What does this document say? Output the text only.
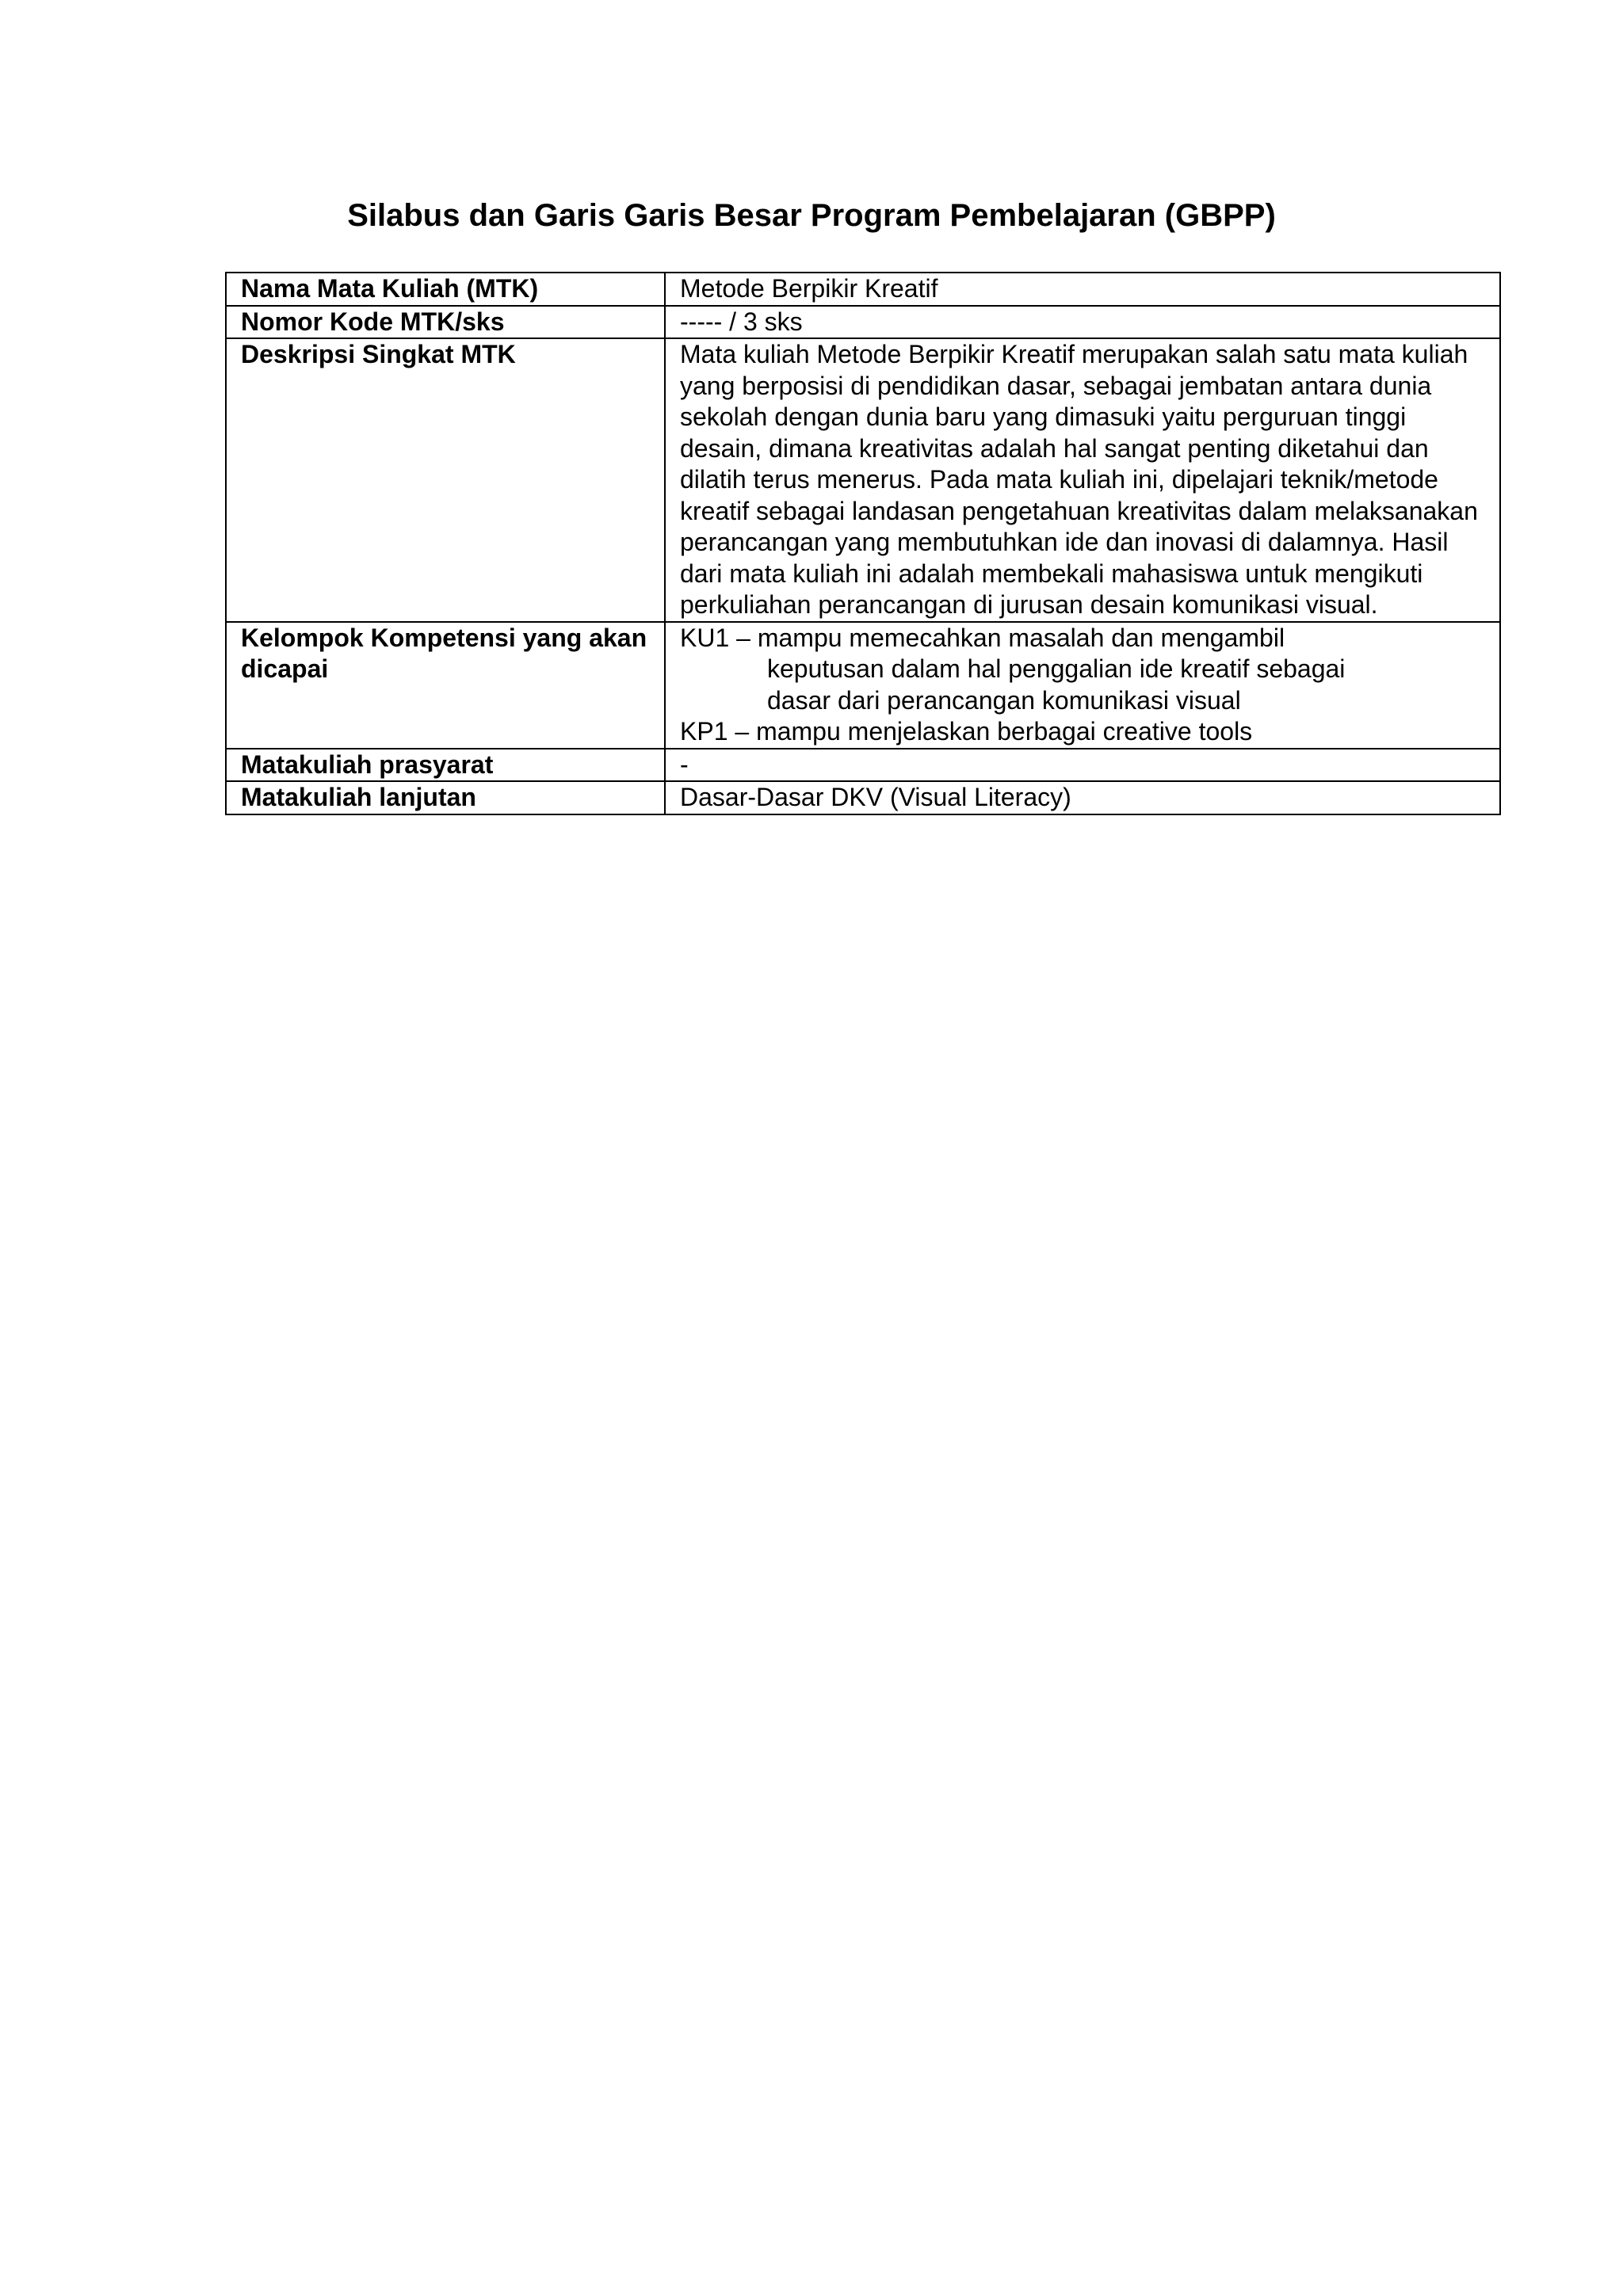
Silabus dan Garis Garis Besar Program Pembelajaran (GBPP)
Nama Mata Kuliah (MTK)	Metode Berpikir Kreatif
Nomor Kode MTK/sks	----- / 3 sks
Deskripsi Singkat MTK	Mata kuliah Metode Berpikir Kreatif merupakan salah satu mata kuliah yang berposisi di pendidikan dasar, sebagai jembatan antara dunia sekolah dengan dunia baru yang dimasuki yaitu perguruan tinggi desain, dimana kreativitas adalah hal sangat penting diketahui dan dilatih terus menerus. Pada mata kuliah ini, dipelajari teknik/metode kreatif sebagai landasan pengetahuan kreativitas dalam melaksanakan perancangan yang membutuhkan ide dan inovasi di dalamnya. Hasil dari mata kuliah ini adalah membekali mahasiswa untuk mengikuti perkuliahan perancangan di jurusan desain komunikasi visual.
Kelompok Kompetensi yang akan dicapai	KU1 – mampu memecahkan masalah dan mengambil
keputusan dalam hal penggalian ide kreatif sebagai
dasar dari perancangan komunikasi visual
KP1 – mampu menjelaskan berbagai creative tools

Matakuliah prasyarat	-
Matakuliah lanjutan	Dasar-Dasar DKV (Visual Literacy)
